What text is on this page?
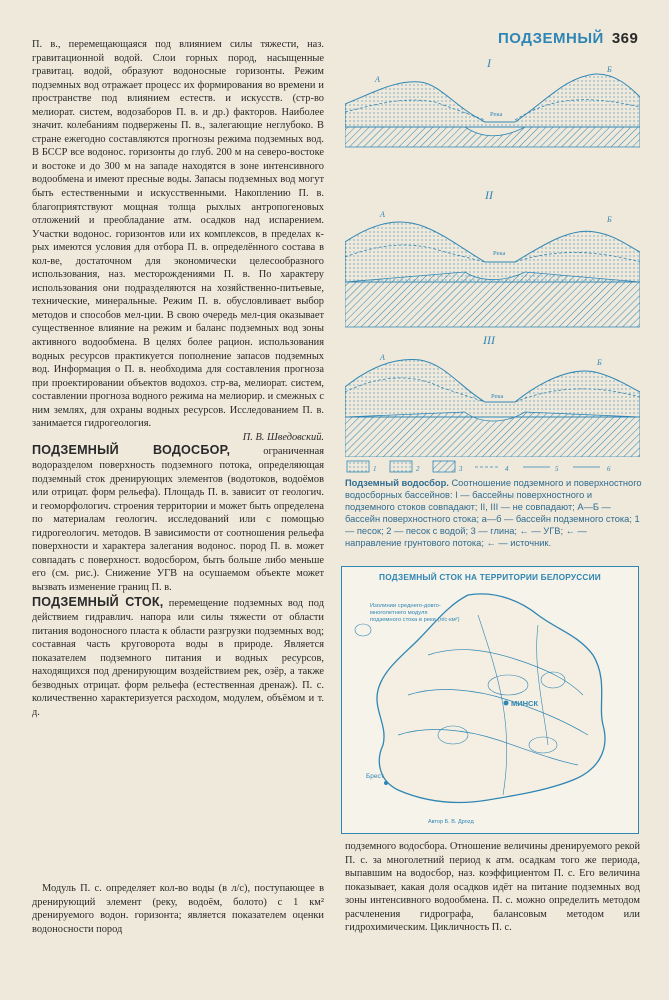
ПОДЗЕМНЫЙ 369

П. в., перемещающаяся под влиянием силы тяжести, наз. гравитационной водой. Слои горных пород, насыщенные гравитац. водой, образуют водоносные горизонты. Режим подземных вод отражает процесс их формирования во времени и пространстве под влиянием естеств. и искусств. (стр-во мелиорат. систем, водозаборов П. в. и др.) факторов. Наиболее значит. колебаниям подвержены П. в., залегающие неглубоко. В стране ежегодно составляются прогнозы режима подземных вод. В БССР все водонос. горизонты до глуб. 200 м на северо-востоке и востоке и до 300 м на западе находятся в зоне интенсивного водообмена и имеют пресные воды. Запасы подземных вод могут быть естественными и искусственными. Накоплению П. в. благоприятствуют мощная толща рыхлых антропогеновых отложений и преобладание атм. осадков над испарением. Участки водонос. горизонтов или их комплексов, в пределах к-рых имеются условия для отбора П. в. определённого состава в кол-ве, достаточном для экономически целесообразного использования, наз. месторождениями П. в. По характеру использования они подразделяются на хозяйственно-питьевые, технические, минеральные. Режим П. в. обусловливает выбор методов и способов мел-ции. В свою очередь мел-ция оказывает существенное влияние на режим и баланс подземных вод зоны активного водообмена. В целях более рацион. использования водных ресурсов практикуется пополнение запасов подземных вод. Информация о П. в. необходима для составления прогноза при проектировании объектов водохоз. стр-ва, мелиорат. систем, составлении прогноза водного режима на мелиорир. и смежных с ним землях, для охраны водных ресурсов. Исследованием П. в. занимается гидрогеология.

П. В. Шведовский.

ПОДЗЕМНЫЙ ВОДОСБОР,	ограниченная водоразделом поверхность подземного потока, определяющая подземный сток дренирующих элементов (водотоков, водоёмов или отрицат. форм рельефа). Площадь П. в. зависит от геологич. и геоморфологич. строения территории и может быть определена по материалам геологич. исследований или с помощью гидрогеологич. методов. В зависимости от соотношения рельефа поверхности и характера залегания водонос. пород П. в. может совпадать с поверхност. водосбором, быть больше либо меньше его (см. рис.). Снижение УГВ на осушаемом объекте может вызвать изменение границ П. в.

ПОДЗЕМНЫЙ СТОК, перемещение подземных вод под действием гидравлич. напора или силы тяжести от области питания водоносного пласта к области разгрузки подземных вод; составная часть круговорота воды в природе. Является показателем подземного питания и водных ресурсов, находящихся под дренирующим воздействием рек, озёр, а также безводных отрицат. форм рельефа (естественная дренаж). П. с. количественно характеризуется расходом, модулем, объёмом и т. д.

Модуль П. с. определяет кол-во воды (в л/с), поступающее в дренирующий элемент (реку, водоём, болото) с 1 км² дренируемого водон. горизонта; является показателем оценки водоносности пород

I
А
Б
Река
II
А
Б
Река
III
А
Б
Река
1	2	3	4	5	6
Подземный водосбор. Соотношение подземного и поверхностного водосборных бассейнов: I — бассейны поверхностного и подземного стоков совпадают; II, III — не совпадают; А—Б — бассейн поверхностного стока; а—б — бассейн подземного стока; 1 — песок; 2 — песок с водой; 3 — глина; ← — УГВ; ← — направление грунтового потока; ← — источник.
ПОДЗЕМНЫЙ СТОК НА ТЕРРИТОРИИ БЕЛОРУССИИ
Изолинии среднего-довго-многолетнего модуля подземного стока в реки (л/с·км²)
МИНСК
Брест
Автор Б. В. Дроzд

подземного водосбора. Отношение величины дренируемого рекой П. с. за многолетний период к атм. осадкам того же периода, выпавшим на водосбор, наз. коэффициентом П. с. Его величина показывает, какая доля осадков идёт на питание подземных вод зоны интенсивного водообмена. П. с. можно определить методом расчленения гидрографа, балансовым методом или гидрохимическим. Цикличность П. с.
